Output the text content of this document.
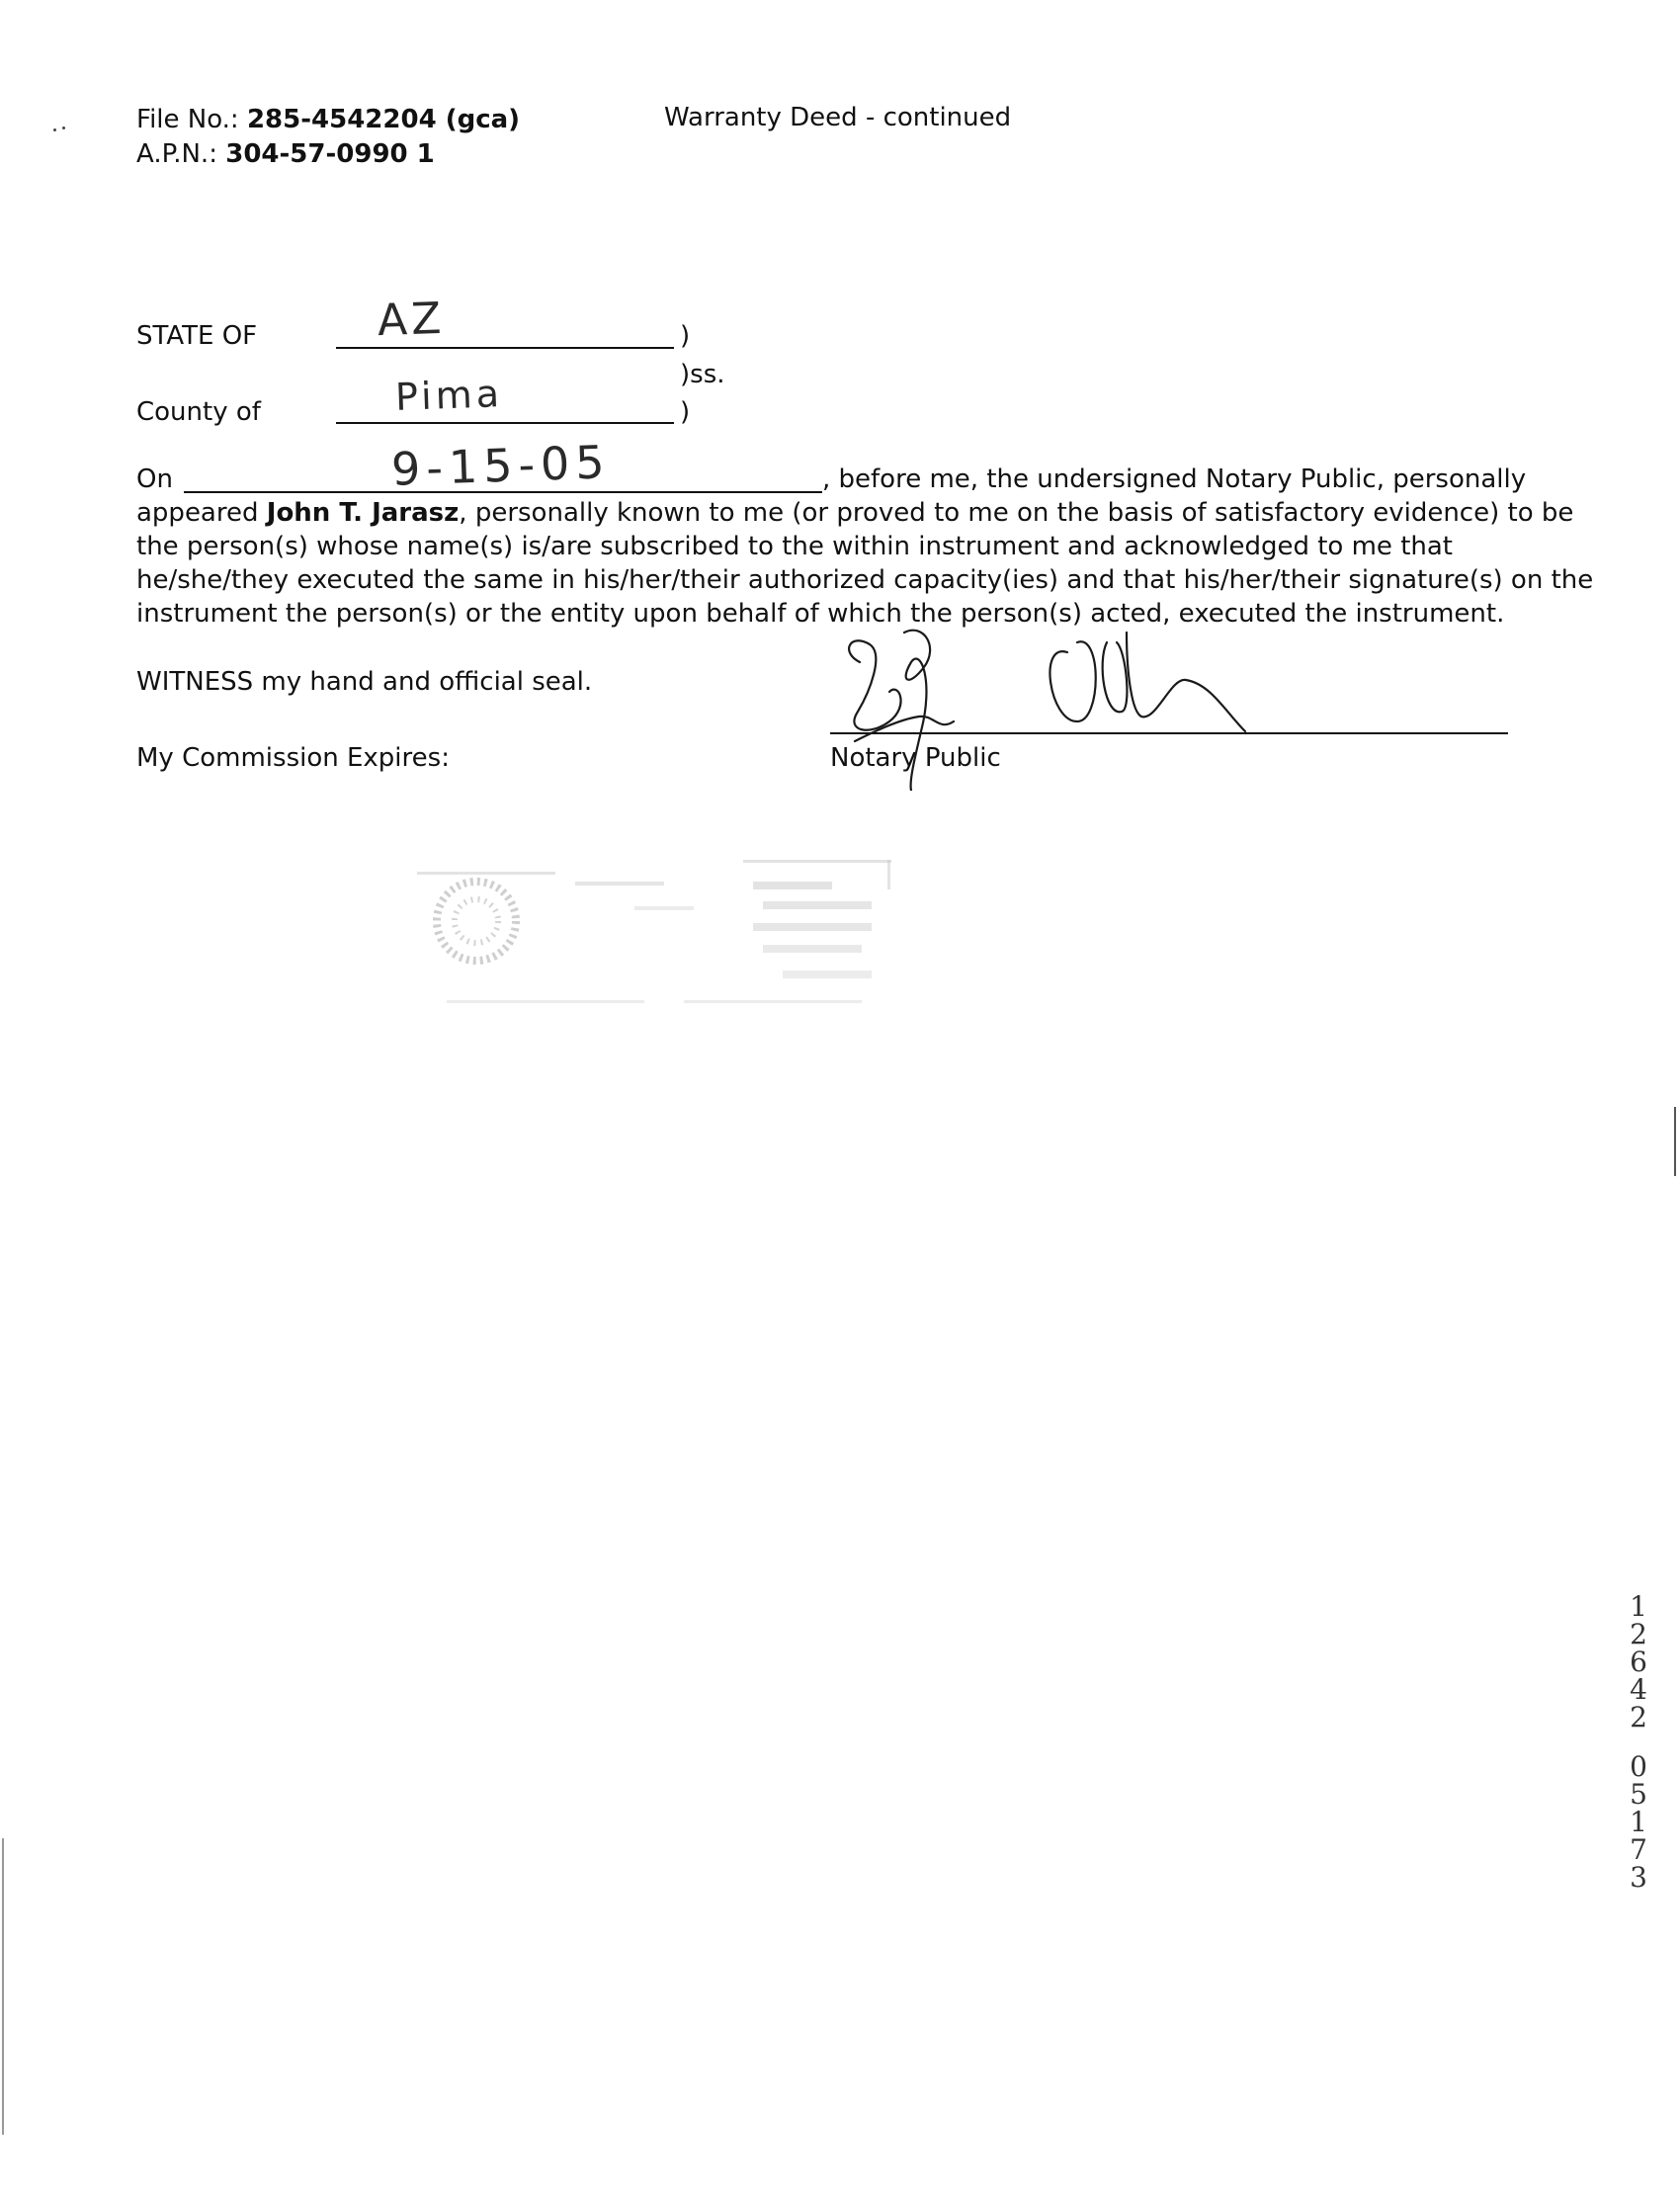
File No.: 285-4542204 (gca)
A.P.N.: 304-57-0990 1
Warranty Deed - continued
STATE OF	AZ	)
)ss.
County of	Pima	)
On	9-15-05	, before me, the undersigned Notary Public, personally
appeared John T. Jarasz, personally known to me (or proved to me on the basis of satisfactory evidence) to be
the person(s) whose name(s) is/are subscribed to the within instrument and acknowledged to me that
he/she/they executed the same in his/her/their authorized capacity(ies) and that his/her/their signature(s) on the
instrument the person(s) or the entity upon behalf of which the person(s) acted, executed the instrument.
WITNESS my hand and official seal.
My Commission Expires:	Notary Public
1
2
6
4
2
0
5
1
7
3
